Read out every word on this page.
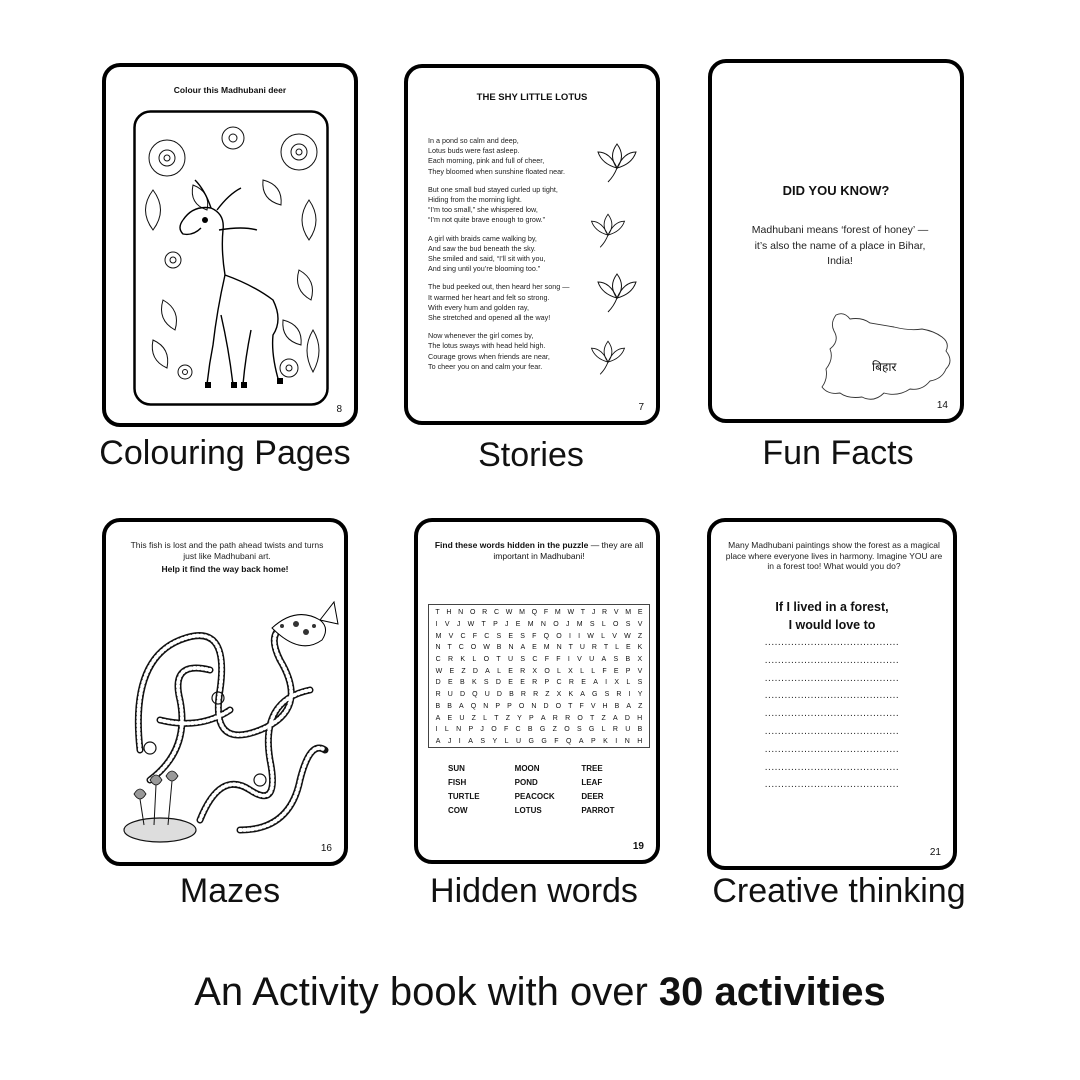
Colour this Madhubani deer
8
Colouring Pages
THE SHY LITTLE LOTUS

In a pond so calm and deep,
Lotus buds were fast asleep.
Each morning, pink and full of cheer,
They bloomed when sunshine floated near.

But one small bud stayed curled up tight,
Hiding from the morning light.
“I’m too small,” she whispered low,
“I’m not quite brave enough to grow.”

A girl with braids came walking by,
And saw the bud beneath the sky.
She smiled and said, “I’ll sit with you,
And sing until you’re blooming too.”

The bud peeked out, then heard her song —
It warmed her heart and felt so strong.
With every hum and golden ray,
She stretched and opened all the way!

Now whenever the girl comes by,
The lotus sways with head held high.
Courage grows when friends are near,
To cheer you on and calm your fear.

7
Stories
DID YOU KNOW?
Madhubani means ‘forest of honey’ — it’s also the name of a place in Bihar, India!
बिहार
14
Fun Facts
This fish is lost and the path ahead twists and turns just like Madhubani art.
Help it find the way back home!
16
Mazes
Find these words hidden in the puzzle — they are all important in Madhubani!
T H N O R C W M Q F M W T J R V M E
I V J W T P J E M N O J M S L O S V
M V C F C S E S F Q O I I W L V W Z
N T C O W B N A E M N T U R T L E K
C R K L O T U S C F F I V U A S B X
W E Z D A L E R X O L X L L F E P V
D E B K S D E E R P C R E A I X L S
R U D Q U D B R R Z X K A G S R I Y
B B A Q N P P O N D O T F V H B A Z
A E U Z L T Z Y P A R R O T Z A D H
I L N P J O F C B G Z O S G L R U B
A J I A S Y L U G G F Q A P K I N H
SUN	MOON	TREE
FISH	POND	LEAF
TURTLE	PEACOCK	DEER
COW	LOTUS	PARROT
19
Hidden words
Many Madhubani paintings show the forest as a magical place where everyone lives in harmony. Imagine YOU are in a forest too! What would you do?
If I lived in a forest,
I would love to
.........................................
.........................................
.........................................
.........................................
.........................................
.........................................
.........................................
.........................................
.........................................
21
Creative thinking
An Activity book with over 30 activities
